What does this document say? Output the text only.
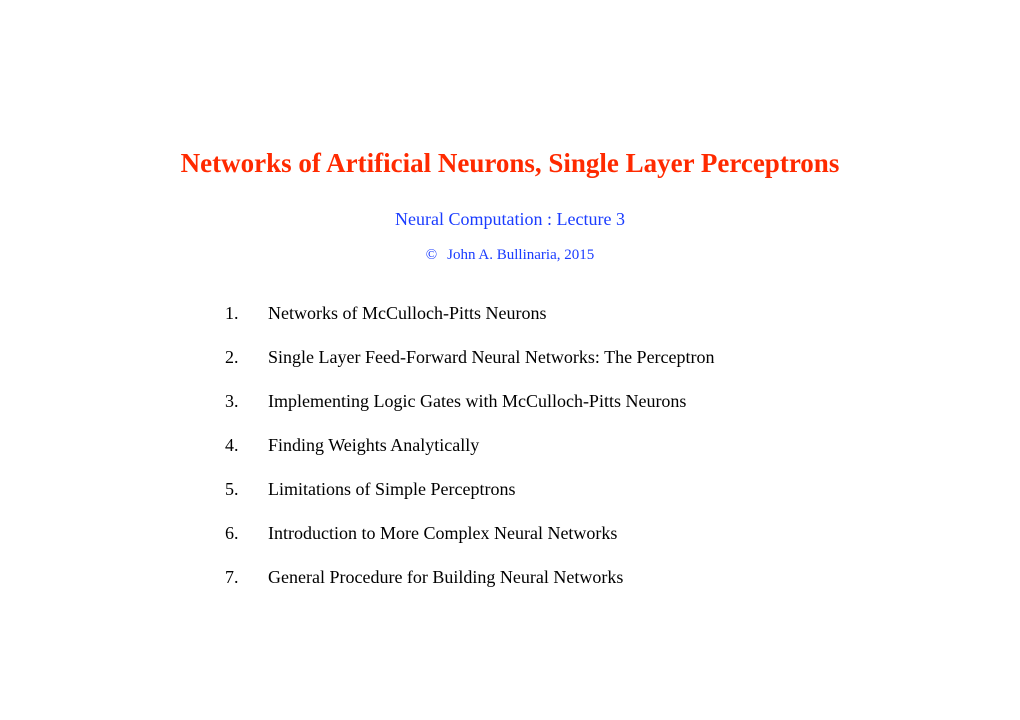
Networks of Artificial Neurons, Single Layer Perceptrons
Neural Computation : Lecture 3
© John A. Bullinaria, 2015
1. Networks of McCulloch-Pitts Neurons
2. Single Layer Feed-Forward Neural Networks: The Perceptron
3. Implementing Logic Gates with McCulloch-Pitts Neurons
4. Finding Weights Analytically
5. Limitations of Simple Perceptrons
6. Introduction to More Complex Neural Networks
7. General Procedure for Building Neural Networks
